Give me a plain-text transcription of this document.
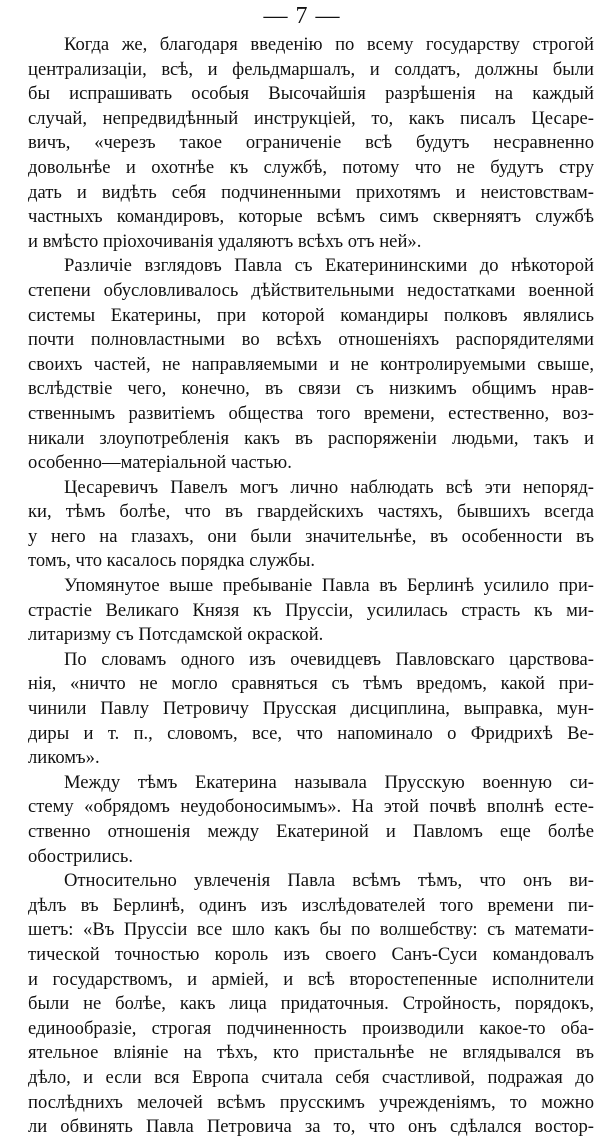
— 7 —
Когда же, благодаря введенію по всему государству строгой
централизаціи, всѣ, и фельдмаршалъ, и солдатъ, должны были
бы испрашивать особыя Высочайшія разрѣшенія на каждый
случай, непредвидѣнный инструкціей, то, какъ писалъ Цесаре-
вичъ, «черезъ такое ограниченіе всѣ будутъ несравненно
довольнѣе и охотнѣе къ службѣ, потому что не будутъ стру
дать и видѣть себя подчиненными прихотямъ и неистовствам-
частныхъ командировъ, которые всѣмъ симъ скверняятъ службѣ
и вмѣсто пріохочиванія удаляютъ всѣхъ отъ ней».
Различіе взглядовъ Павла съ Екатерининскими до нѣкоторой
степени обусловливалось дѣйствительными недостатками военной
системы Екатерины, при которой командиры полковъ являлись
почти полновластными во всѣхъ отношеніяхъ распорядителями
своихъ частей, не направляемыми и не контролируемыми свыше,
вслѣдствіе чего, конечно, въ связи съ низкимъ общимъ нрав-
ственнымъ развитіемъ общества того времени, естественно, воз-
никали злоупотребленія какъ въ распоряженіи людьми, такъ и
особенно—матеріальной частью.
Цесаревичъ Павелъ могъ лично наблюдать всѣ эти непоряд-
ки, тѣмъ болѣе, что въ гвардейскихъ частяхъ, бывшихъ всегда
у него на глазахъ, они были значительнѣе, въ особенности въ
томъ, что касалось порядка службы.
Упомянутое выше пребываніе Павла въ Берлинѣ усилило при-
страстіе Великаго Князя къ Пруссіи, усилилась страсть къ ми-
литаризму съ Потсдамской окраской.
По словамъ одного изъ очевидцевъ Павловскаго царствова-
нія, «ничто не могло сравняться съ тѣмъ вредомъ, какой при-
чинили Павлу Петровичу Прусская дисциплина, выправка, мун-
диры и т. п., словомъ, все, что напоминало о Фридрихѣ Ве-
ликомъ».
Между тѣмъ Екатерина называла Прусскую военную си-
стему «обрядомъ неудобоносимымъ». На этой почвѣ вполнѣ есте-
ственно отношенія между Екатериной и Павломъ еще болѣе
обострились.
Относительно увлеченія Павла всѣмъ тѣмъ, что онъ ви-
дѣлъ въ Берлинѣ, одинъ изъ изслѣдователей того времени пи-
шетъ: «Въ Пруссіи все шло какъ бы по волшебству: съ математи-
тической точностью король изъ своего Санъ-Суси командовалъ
и государствомъ, и арміей, и всѣ второстепенные исполнители
были не болѣе, какъ лица придаточныя. Стройность, порядокъ,
единообразіе, строгая подчиненность производили какое-то оба-
ятельное вліяніе на тѣхъ, кто пристальнѣе не вглядывался въ
дѣло, и если вся Европа считала себя счастливой, подражая до
послѣднихъ мелочей всѣмъ прусскимъ учрежденіямъ, то можно
ли обвинять Павла Петровича за то, что онъ сдѣлался востор-
